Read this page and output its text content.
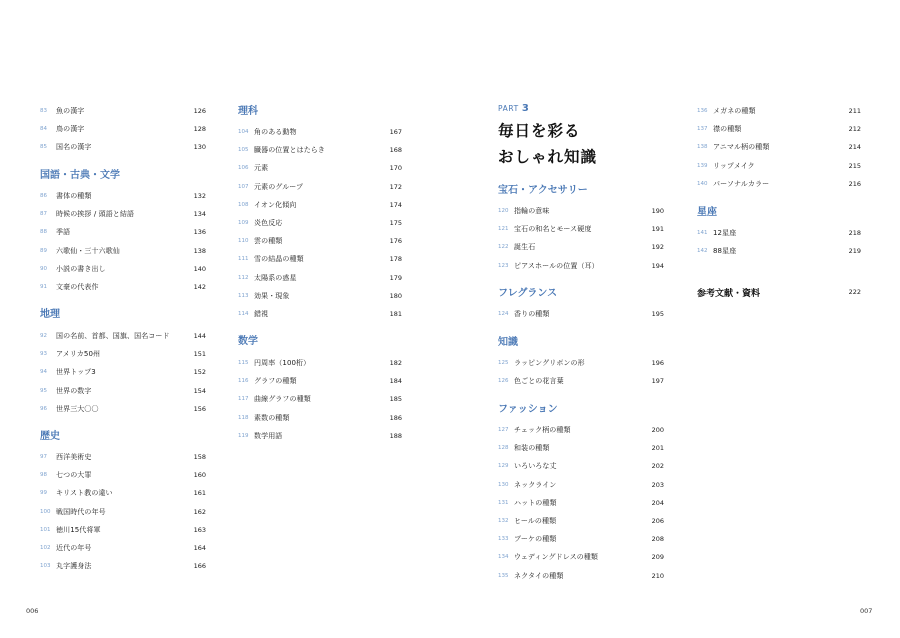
83	魚の漢字	126
84	鳥の漢字	128
85	国名の漢字	130
国語・古典・文学
86	書体の種類	132
87	時候の挨拶 / 頭語と結語	134
88	季語	136
89	六歌仙・三十六歌仙	138
90	小説の書き出し	140
91	文豪の代表作	142
地理
92	国の名前、首都、国旗、国名コード	144
93	アメリカ50州	151
94	世界トップ3	152
95	世界の数字	154
96	世界三大〇〇	156
歴史
97	西洋美術史	158
98	七つの大罪	160
99	キリスト教の違い	161
100 戦国時代の年号	162
101 徳川15代将軍	163
102 近代の年号	164
103 丸字護身法	166
理科
104 角のある動物	167
105 臓器の位置とはたらき	168
106 元素	170
107 元素のグループ	172
108 イオン化傾向	174
109 炎色反応	175
110 雲の種類	176
111 雪の結晶の種類	178
112 太陽系の惑星	179
113 効果・現象	180
114 錯視	181
数学
115 円周率（100桁）	182
116 グラフの種類	184
117 曲線グラフの種類	185
118 素数の種類	186
119 数学用語	188
PART 3
毎日を彩る
おしゃれ知識
宝石・アクセサリー
120 指輪の意味	190
121 宝石の和名とモース硬度	191
122 誕生石	192
123 ピアスホールの位置（耳）	194
フレグランス
124 香りの種類	195
知識
125 ラッピングリボンの形	196
126 色ごとの花言葉	197
ファッション
127 チェック柄の種類	200
128 和装の種類	201
129 いろいろな丈	202
130 ネックライン	203
131 ハットの種類	204
132 ヒールの種類	206
133 ブーケの種類	208
134 ウェディングドレスの種類	209
135 ネクタイの種類	210
136 メガネの種類	211
137 襟の種類	212
138 アニマル柄の種類	214
139 リップメイク	215
140 パーソナルカラー	216
星座
141 12星座	218
142 88星座	219
参考文献・資料	222
006	007
